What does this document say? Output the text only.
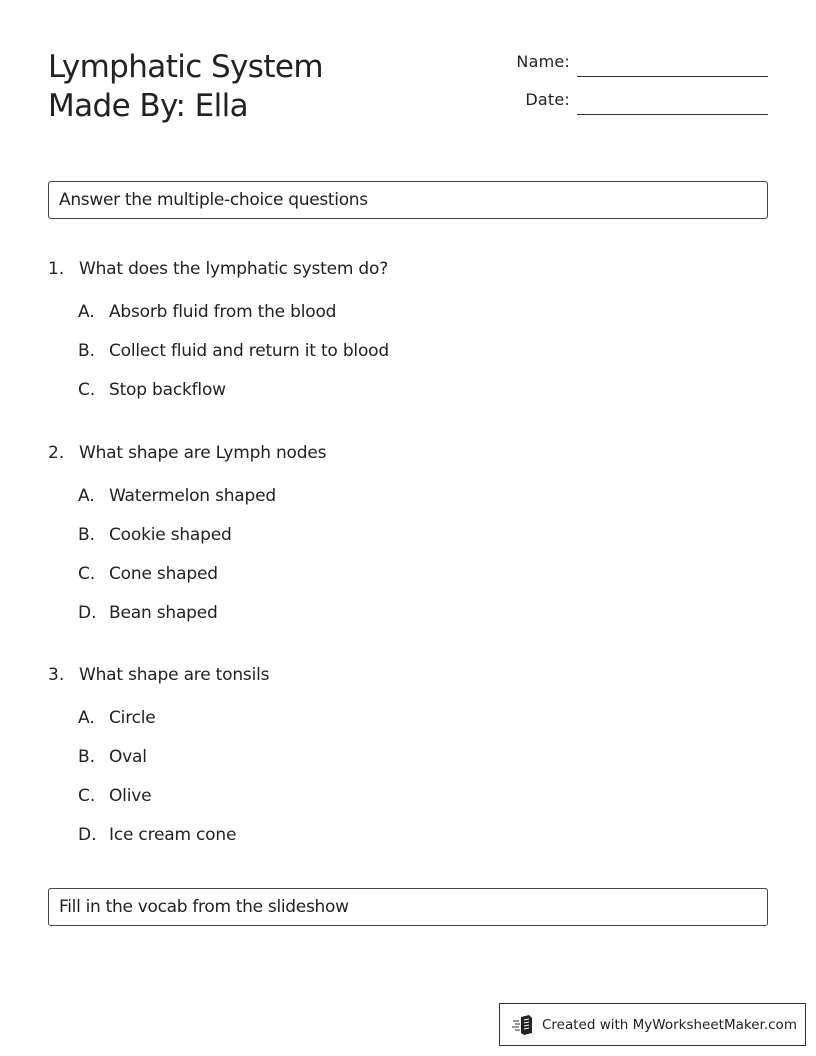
Lymphatic System
Made By: Ella
Name:
Date:
Answer the multiple-choice questions
1. What does the lymphatic system do?
A. Absorb fluid from the blood
B. Collect fluid and return it to blood
C. Stop backflow
2. What shape are Lymph nodes
A. Watermelon shaped
B. Cookie shaped
C. Cone shaped
D. Bean shaped
3. What shape are tonsils
A. Circle
B. Oval
C. Olive
D. Ice cream cone
Fill in the vocab from the slideshow
Created with MyWorksheetMaker.com
